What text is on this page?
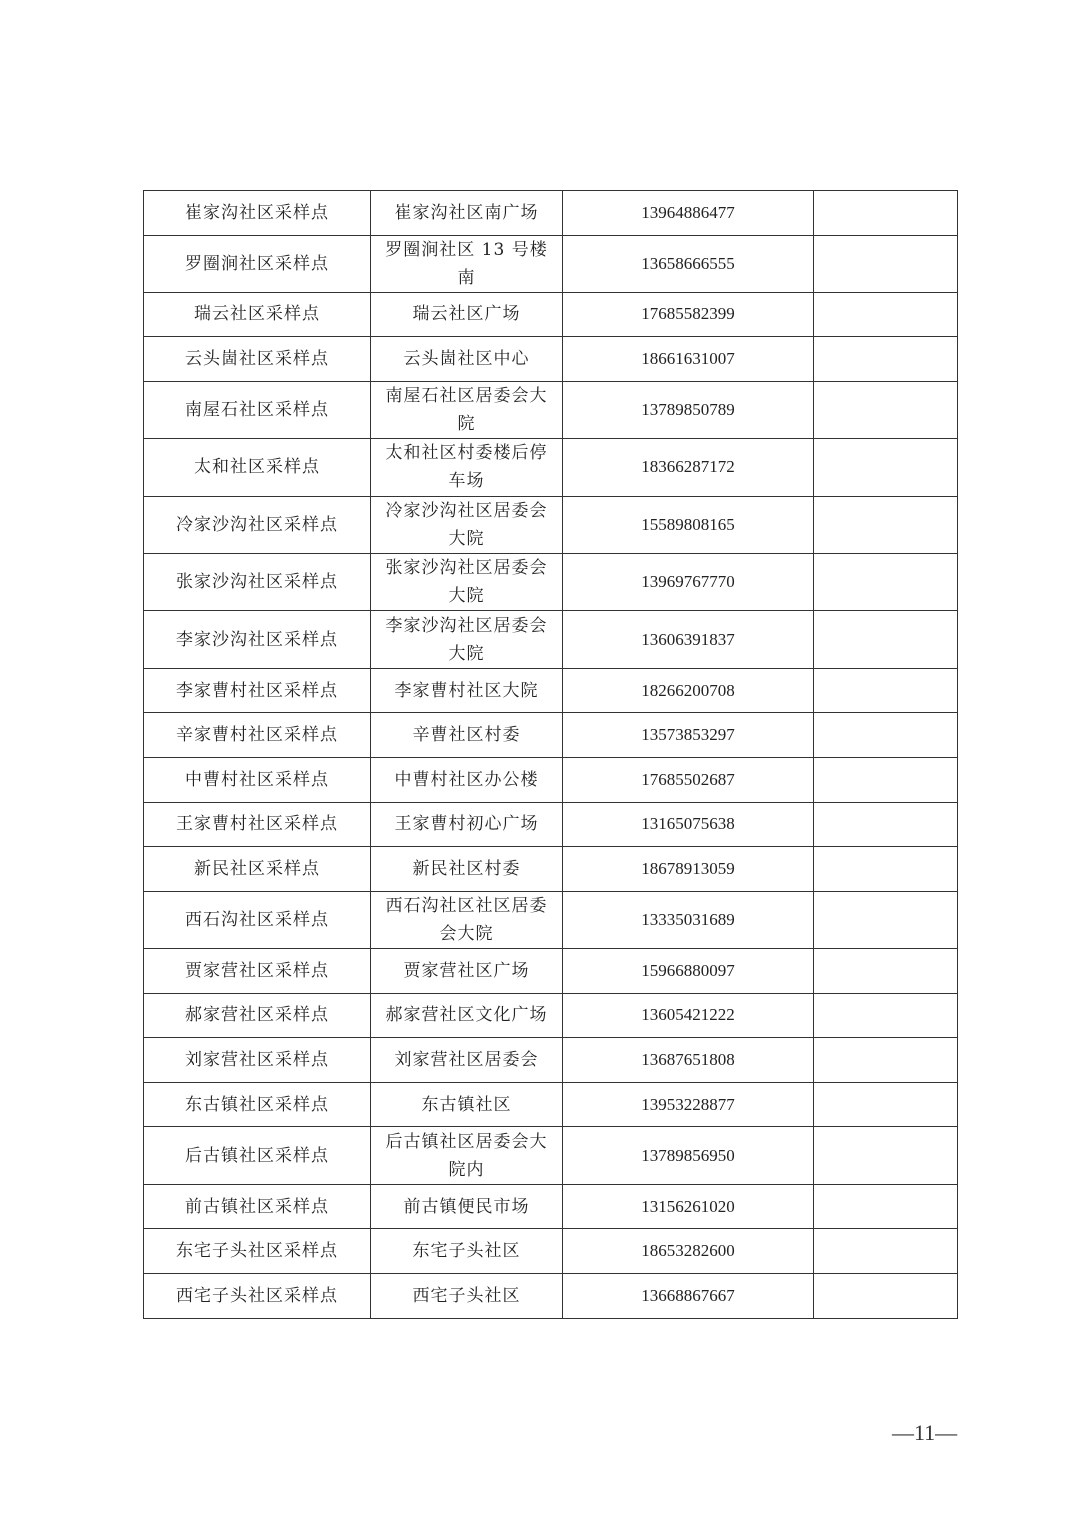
崔家沟社区采样点	崔家沟社区南广场	13964886477	
罗圈涧社区采样点	罗圈涧社区 13 号楼南	13658666555	
瑞云社区采样点	瑞云社区广场	17685582399	
云头崮社区采样点	云头崮社区中心	18661631007	
南屋石社区采样点	南屋石社区居委会大院	13789850789	
太和社区采样点	太和社区村委楼后停车场	18366287172	
冷家沙沟社区采样点	冷家沙沟社区居委会大院	15589808165	
张家沙沟社区采样点	张家沙沟社区居委会大院	13969767770	
李家沙沟社区采样点	李家沙沟社区居委会大院	13606391837	
李家曹村社区采样点	李家曹村社区大院	18266200708	
辛家曹村社区采样点	辛曹社区村委	13573853297	
中曹村社区采样点	中曹村社区办公楼	17685502687	
王家曹村社区采样点	王家曹村初心广场	13165075638	
新民社区采样点	新民社区村委	18678913059	
西石沟社区采样点	西石沟社区社区居委会大院	13335031689	
贾家营社区采样点	贾家营社区广场	15966880097	
郝家营社区采样点	郝家营社区文化广场	13605421222	
刘家营社区采样点	刘家营社区居委会	13687651808	
东古镇社区采样点	东古镇社区	13953228877	
后古镇社区采样点	后古镇社区居委会大院内	13789856950	
前古镇社区采样点	前古镇便民市场	13156261020	
东宅子头社区采样点	东宅子头社区	18653282600	
西宅子头社区采样点	西宅子头社区	13668867667	
—11—
